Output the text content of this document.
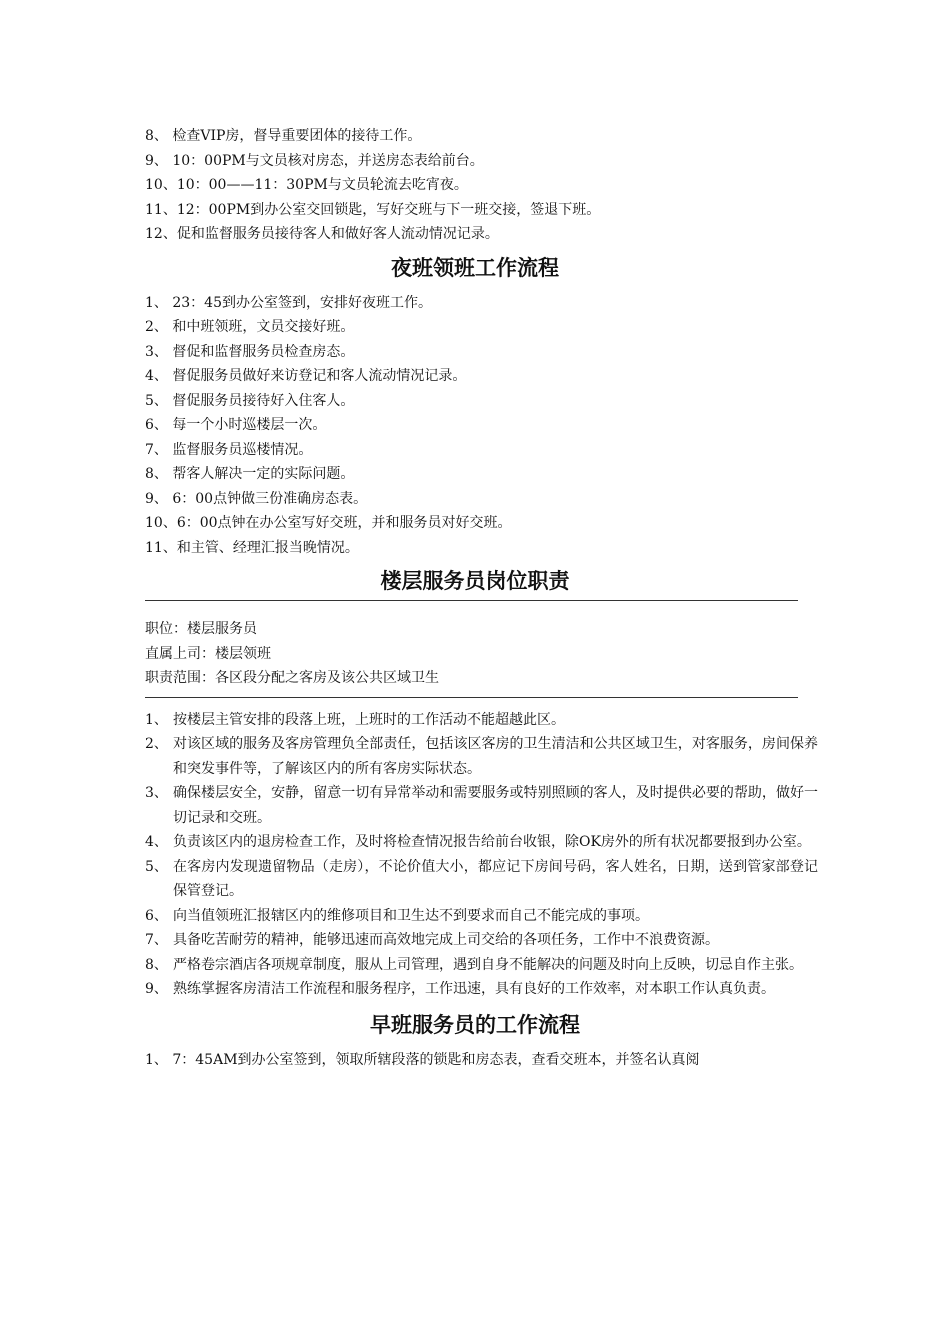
8、 检查VIP房，督导重要团体的接待工作。
9、 10：00PM与文员核对房态，并送房态表给前台。
10、10：00——11：30PM与文员轮流去吃宵夜。
11、12：00PM到办公室交回锁匙，写好交班与下一班交接，签退下班。
12、促和监督服务员接待客人和做好客人流动情况记录。
夜班领班工作流程
1、 23：45到办公室签到，安排好夜班工作。
2、 和中班领班，文员交接好班。
3、 督促和监督服务员检查房态。
4、 督促服务员做好来访登记和客人流动情况记录。
5、 督促服务员接待好入住客人。
6、 每一个小时巡楼层一次。
7、 监督服务员巡楼情况。
8、 帮客人解决一定的实际问题。
9、 6：00点钟做三份准确房态表。
10、6：00点钟在办公室写好交班，并和服务员对好交班。
11、和主管、经理汇报当晚情况。
楼层服务员岗位职责
职位：楼层服务员
直属上司：楼层领班
职责范围：各区段分配之客房及该公共区域卫生
1、 按楼层主管安排的段落上班，上班时的工作活动不能超越此区。
2、 对该区域的服务及客房管理负全部责任，包括该区客房的卫生清洁和公共区域卫生，对客服务，房间保养和突发事件等，了解该区内的所有客房实际状态。
3、 确保楼层安全，安静，留意一切有异常举动和需要服务或特别照顾的客人，及时提供必要的帮助，做好一切记录和交班。
4、 负责该区内的退房检查工作，及时将检查情况报告给前台收银，除OK房外的所有状况都要报到办公室。
5、 在客房内发现遗留物品（走房），不论价值大小，都应记下房间号码，客人姓名，日期，送到管家部登记保管登记。
6、 向当值领班汇报辖区内的维修项目和卫生达不到要求而自己不能完成的事项。
7、 具备吃苦耐劳的精神，能够迅速而高效地完成上司交给的各项任务，工作中不浪费资源。
8、 严格卷宗酒店各项规章制度，服从上司管理，遇到自身不能解决的问题及时向上反映，切忌自作主张。
9、 熟练掌握客房清洁工作流程和服务程序，工作迅速，具有良好的工作效率，对本职工作认真负责。
早班服务员的工作流程
1、 7：45AM到办公室签到，领取所辖段落的锁匙和房态表，查看交班本，并签名认真阅
